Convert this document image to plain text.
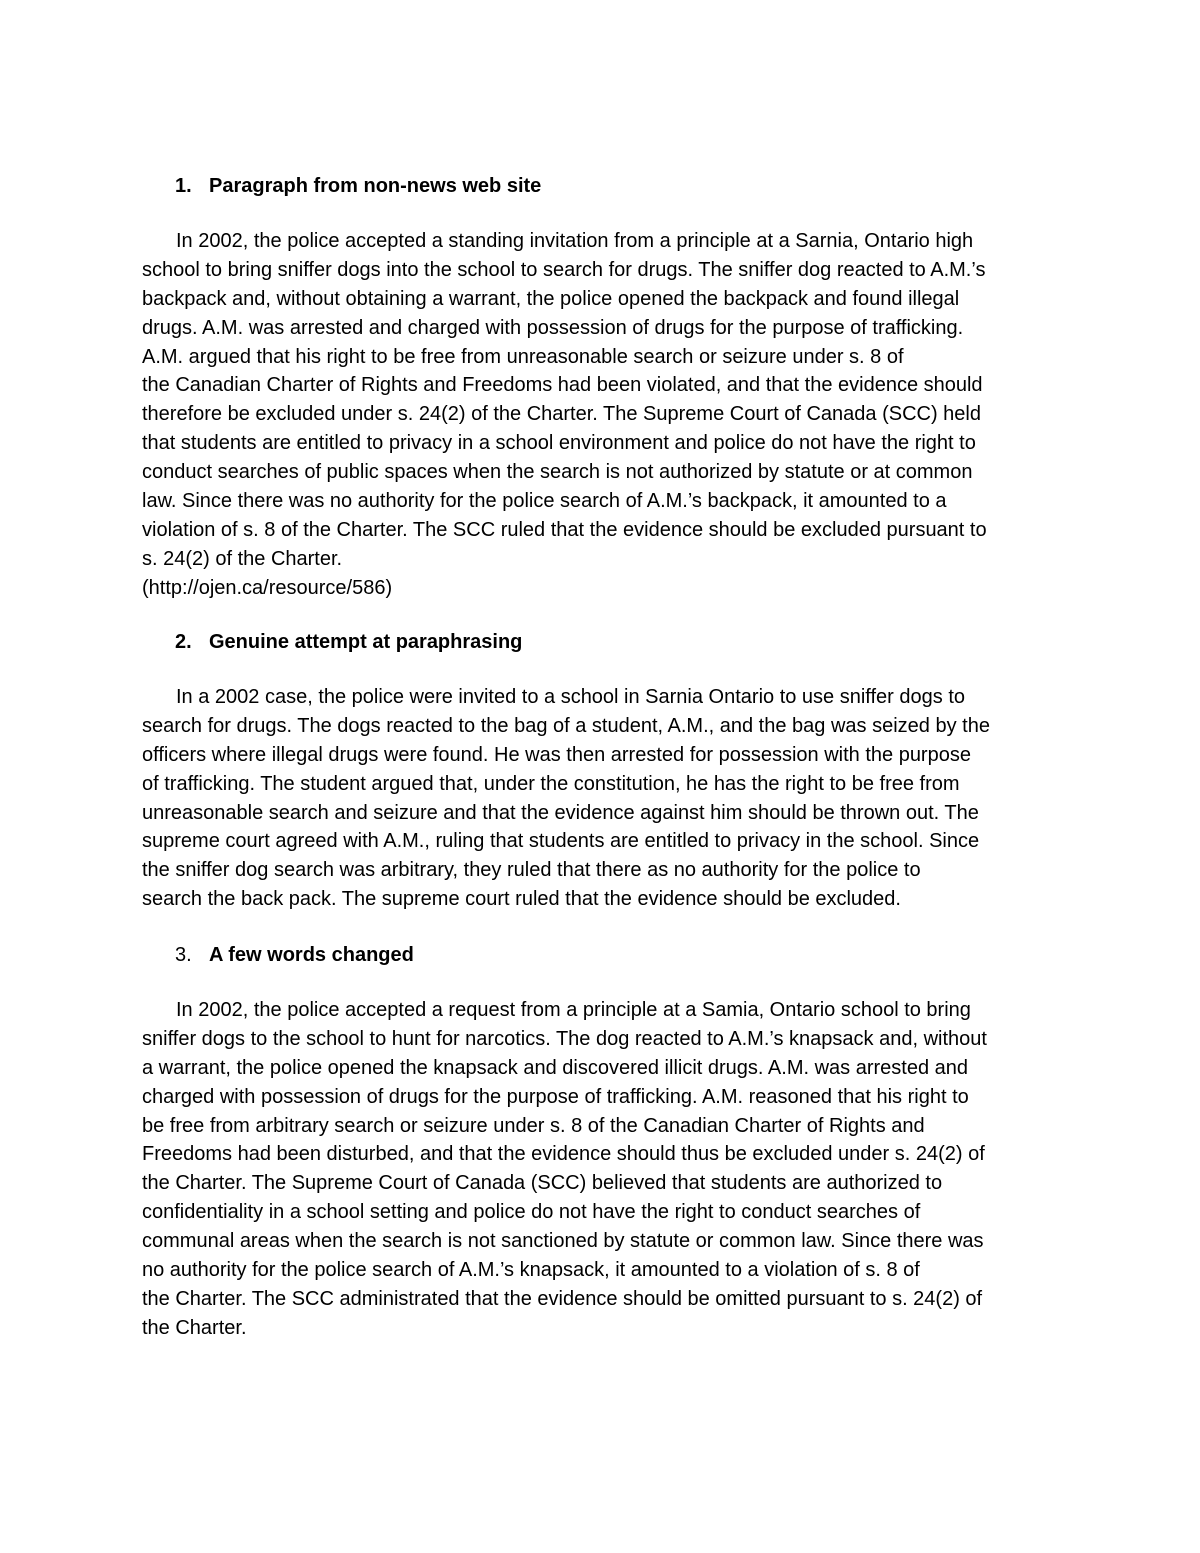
1. Paragraph from non-news web site
In 2002, the police accepted a standing invitation from a principle at a Sarnia, Ontario high
school to bring sniffer dogs into the school to search for drugs. The sniffer dog reacted to A.M.’s
backpack and, without obtaining a warrant, the police opened the backpack and found illegal
drugs. A.M. was arrested and charged with possession of drugs for the purpose of trafficking.
A.M. argued that his right to be free from unreasonable search or seizure under s. 8 of
the Canadian Charter of Rights and Freedoms had been violated, and that the evidence should
therefore be excluded under s. 24(2) of the Charter. The Supreme Court of Canada (SCC) held
that students are entitled to privacy in a school environment and police do not have the right to
conduct searches of public spaces when the search is not authorized by statute or at common
law. Since there was no authority for the police search of A.M.’s backpack, it amounted to a
violation of s. 8 of the Charter. The SCC ruled that the evidence should be excluded pursuant to
s. 24(2) of the Charter.
(http://ojen.ca/resource/586)
2. Genuine attempt at paraphrasing
In a 2002 case, the police were invited to a school in Sarnia Ontario to use sniffer dogs to
search for drugs. The dogs reacted to the bag of a student, A.M., and the bag was seized by the
officers where illegal drugs were found. He was then arrested for possession with the purpose
of trafficking. The student argued that, under the constitution, he has the right to be free from
unreasonable search and seizure and that the evidence against him should be thrown out. The
supreme court agreed with A.M., ruling that students are entitled to privacy in the school. Since
the sniffer dog search was arbitrary, they ruled that there as no authority for the police to
search the back pack. The supreme court ruled that the evidence should be excluded.
3. A few words changed
In 2002, the police accepted a request from a principle at a Samia, Ontario school to bring
sniffer dogs to the school to hunt for narcotics. The dog reacted to A.M.’s knapsack and, without
a warrant, the police opened the knapsack and discovered illicit drugs. A.M. was arrested and
charged with possession of drugs for the purpose of trafficking. A.M. reasoned that his right to
be free from arbitrary search or seizure under s. 8 of the Canadian Charter of Rights and
Freedoms had been disturbed, and that the evidence should thus be excluded under s. 24(2) of
the Charter. The Supreme Court of Canada (SCC) believed that students are authorized to
confidentiality in a school setting and police do not have the right to conduct searches of
communal areas when the search is not sanctioned by statute or common law. Since there was
no authority for the police search of A.M.’s knapsack, it amounted to a violation of s. 8 of
the Charter. The SCC administrated that the evidence should be omitted pursuant to s. 24(2) of
the Charter.
